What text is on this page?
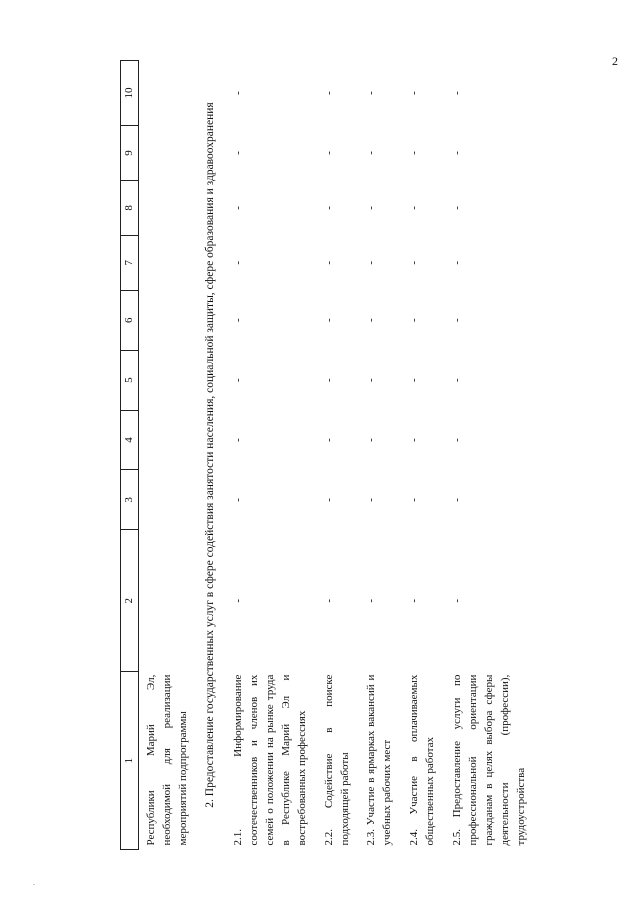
2
1	2	3	4	5	6	7	8	9	10
Республики Марий Эл, необходимой для реализации мероприятий подпрограммы									
2. Предоставление государственных услуг в сфере содействия занятости населения, социальной защиты, сфере образования и здравоохранения									
2.1. Информирование соотечественников и членов их семей о положении на рынке труда в Республике Марий Эл и востребованных профессиях	-	-	-	-	-	-	-	-	-
2.2. Содействие в поиске подходящей работы	-	-	-	-	-	-	-	-	-
2.3. Участие в ярмарках вакансий и учебных рабочих мест	-	-	-	-	-	-	-	-	-
2.4. Участие в оплачиваемых общественных работах	-	-	-	-	-	-	-	-	-
2.5. Предоставление услуги по профессиональной ориентации гражданам в целях выбора сферы деятельности (профессии), трудоустройства	-	-	-	-	-	-	-	-	-
.
